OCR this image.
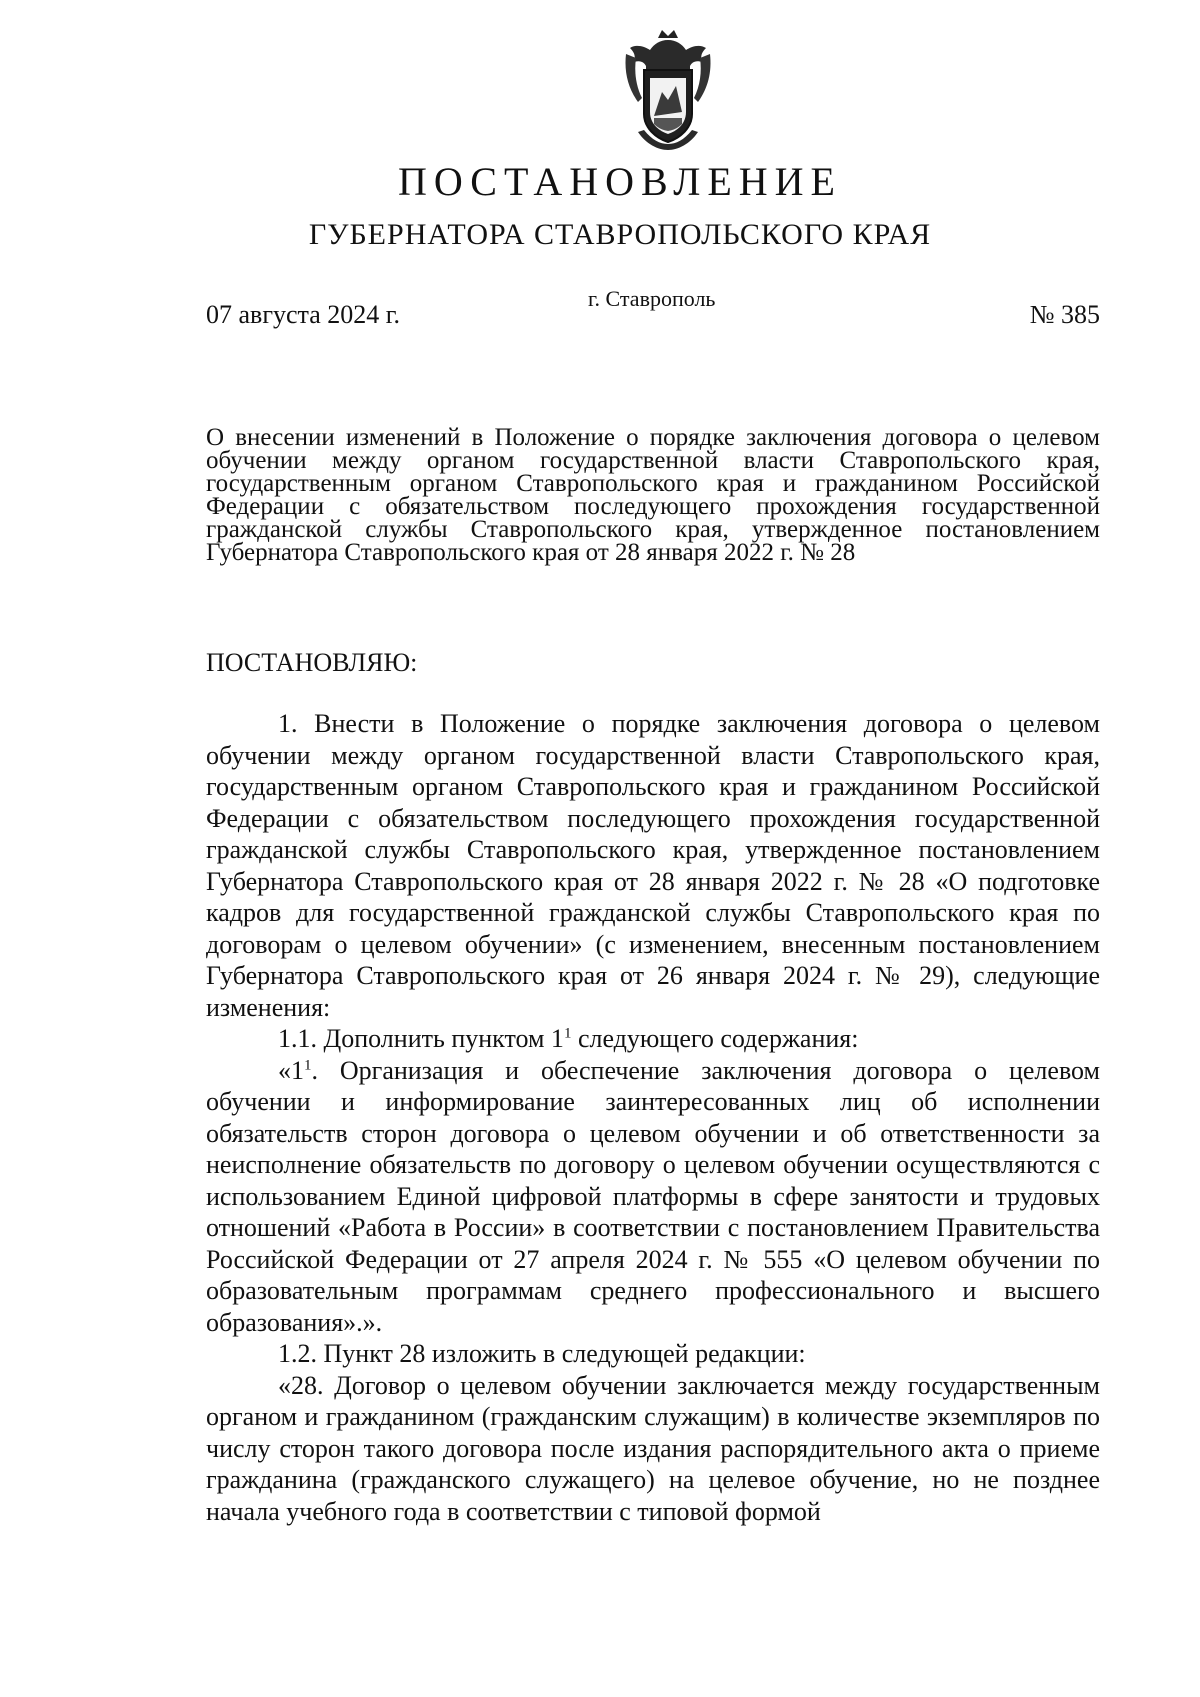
ПОСТАНОВЛЕНИЕ
ГУБЕРНАТОРА СТАВРОПОЛЬСКОГО КРАЯ
07 августа 2024 г.
г. Ставрополь
№ 385

О внесении изменений в Положение о порядке заключения договора о целевом обучении между органом государственной власти Ставропольского края, государственным органом Ставропольского края и гражданином Российской Федерации с обязательством последующего прохождения государственной гражданской службы Ставропольского края, утвержденное постановлением Губернатора Ставропольского края от 28 января 2022 г. № 28

ПОСТАНОВЛЯЮ:

1. Внести в Положение о порядке заключения договора о целевом обучении между органом государственной власти Ставропольского края, государственным органом Ставропольского края и гражданином Российской Федерации с обязательством последующего прохождения государственной гражданской службы Ставропольского края, утвержденное постановлением Губернатора Ставропольского края от 28 января 2022 г. № 28 «О подготовке кадров для государственной гражданской службы Ставропольского края по договорам о целевом обучении» (с изменением, внесенным постановлением Губернатора Ставропольского края от 26 января 2024 г. № 29), следующие изменения:

1.1. Дополнить пунктом $1^1$ следующего содержания:

«$1^1$. Организация и обеспечение заключения договора о целевом обучении и информирование заинтересованных лиц об исполнении обязательств сторон договора о целевом обучении и об ответственности за неисполнение обязательств по договору о целевом обучении осуществляются с использованием Единой цифровой платформы в сфере занятости и трудовых отношений «Работа в России» в соответствии с постановлением Правительства Российской Федерации от 27 апреля 2024 г. № 555 «О целевом обучении по образовательным программам среднего профессионального и высшего образования».».

1.2. Пункт 28 изложить в следующей редакции:

«28. Договор о целевом обучении заключается между государственным органом и гражданином (гражданским служащим) в количестве экземпляров по числу сторон такого договора после издания распорядительного акта о приеме гражданина (гражданского служащего) на целевое обучение, но не позднее начала учебного года в соответствии с типовой формой
